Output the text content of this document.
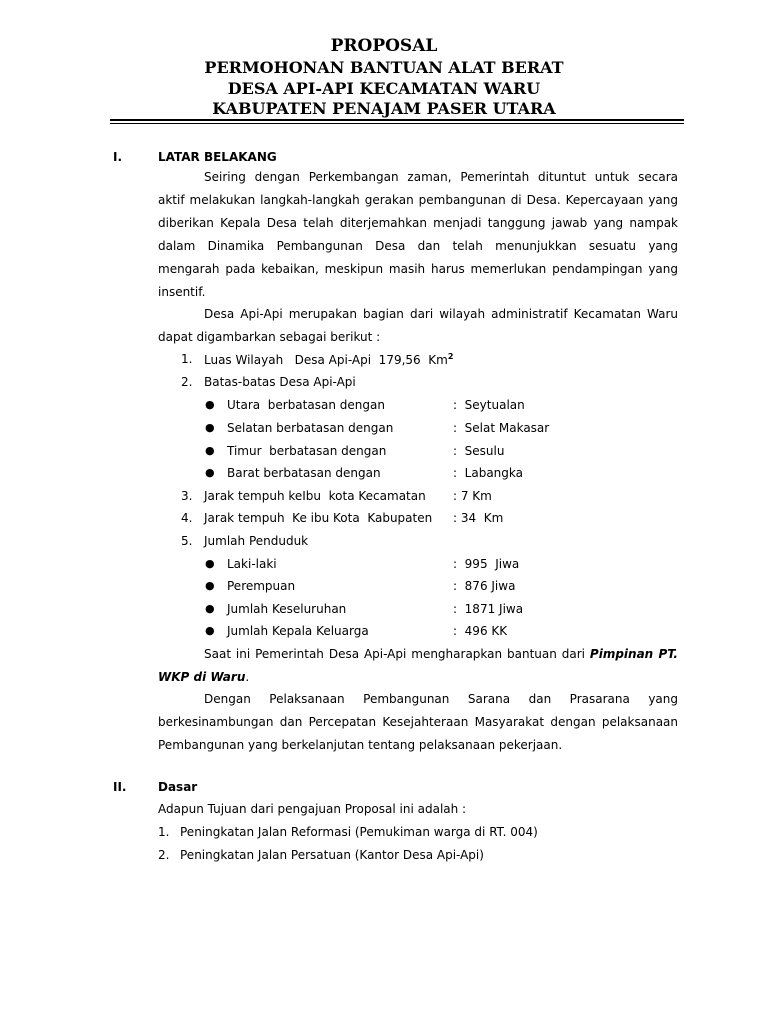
PROPOSAL
PERMOHONAN BANTUAN ALAT BERAT
DESA API-API KECAMATAN WARU
KABUPATEN PENAJAM PASER UTARA
I.	LATAR BELAKANG
Seiring dengan Perkembangan zaman, Pemerintah dituntut untuk secara
aktif melakukan langkah-langkah gerakan pembangunan di Desa. Kepercayaan yang
diberikan Kepala Desa telah diterjemahkan menjadi tanggung jawab yang nampak
dalam Dinamika Pembangunan Desa dan telah menunjukkan sesuatu yang
mengarah pada kebaikan, meskipun masih harus memerlukan pendampingan yang
insentif.
Desa Api-Api merupakan bagian dari wilayah administratif Kecamatan Waru
dapat digambarkan sebagai berikut :
1. Luas Wilayah   Desa Api-Api  179,56  Km$^2$
2. Batas-batas Desa Api-Api
● Utara  berbatasan dengan	:  Seytualan
● Selatan berbatasan dengan	:  Selat Makasar
● Timur  berbatasan dengan	:  Sesulu
● Barat berbatasan dengan	:  Labangka
3. Jarak tempuh keIbu  kota Kecamatan : 7 Km
4. Jarak tempuh  Ke ibu Kota  Kabupaten : 34  Km
5. Jumlah Penduduk
● Laki-laki	:  995  Jiwa
● Perempuan	:  876 Jiwa
● Jumlah Keseluruhan	:  1871 Jiwa
● Jumlah Kepala Keluarga	:  496 KK
Saat ini Pemerintah Desa Api-Api mengharapkan bantuan dari Pimpinan PT.
WKP di Waru.
Dengan Pelaksanaan Pembangunan Sarana dan Prasarana yang
berkesinambungan dan Percepatan Kesejahteraan Masyarakat dengan pelaksanaan
Pembangunan yang berkelanjutan tentang pelaksanaan pekerjaan.
II.	Dasar
Adapun Tujuan dari pengajuan Proposal ini adalah :
1. Peningkatan Jalan Reformasi (Pemukiman warga di RT. 004)
2. Peningkatan Jalan Persatuan (Kantor Desa Api-Api)
